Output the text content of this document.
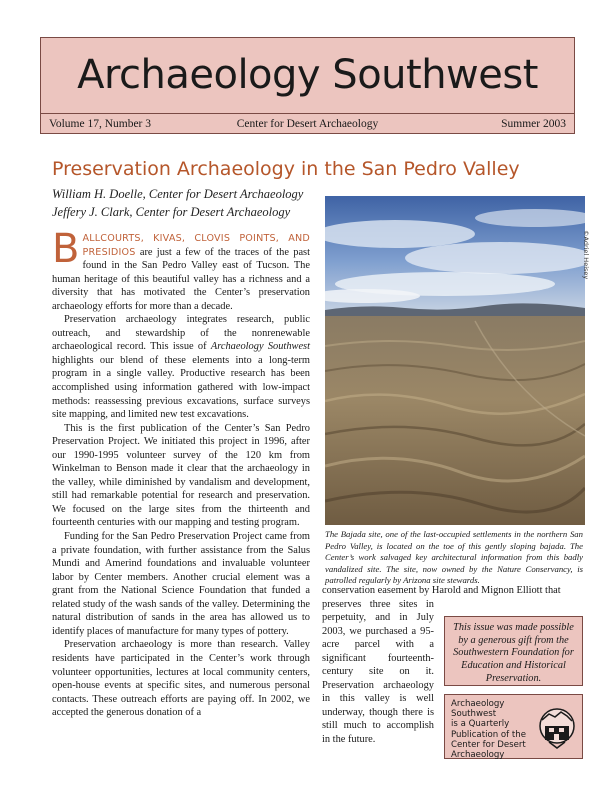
Archaeology Southwest
Volume 17, Number 3	Center for Desert Archaeology	Summer 2003
Preservation Archaeology in the San Pedro Valley
William H. Doelle, Center for Desert Archaeology
Jeffery J. Clark, Center for Desert Archaeology

BALLCOURTS, KIVAS, CLOVIS POINTS, AND PRESIDIOS are just a few of the traces of the past found in the San Pedro Valley east of Tucson. The human heritage of this beautiful valley has a richness and a diversity that has motivated the Center’s preservation archaeology efforts for more than a decade.

Preservation archaeology integrates research, public outreach, and stewardship of the nonrenewable archaeological record. This issue of Archaeology Southwest highlights our blend of these elements into a long-term program in a single valley. Productive research has been accomplished using information gathered with low-impact methods: reassessing previous excavations, surface surveys site mapping, and limited new test excavations.

This is the first publication of the Center’s San Pedro Preservation Project. We initiated this project in 1996, after our 1990-1995 volunteer survey of the 120 km from Winkelman to Benson made it clear that the archaeology in the valley, while diminished by vandalism and development, still had remarkable potential for research and preservation. We focused on the large sites from the thirteenth and fourteenth centuries with our mapping and testing program.

Funding for the San Pedro Preservation Project came from a private foundation, with further assistance from the Salus Mundi and Amerind foundations and invaluable volunteer labor by Center members. Another crucial element was a grant from the National Science Foundation that funded a related study of the wash sands of the valley. Determining the natural distribution of sands in the area has allowed us to identify places of manufacture for many types of pottery.

Preservation archaeology is more than research. Valley residents have participated in the Center’s work through volunteer opportunities, lectures at local community centers, open-house events at specific sites, and numerous personal contacts. These outreach efforts are paying off. In 2002, we accepted the generous donation of a

©Adriel Heisey
The Bajada site, one of the last-occupied settlements in the northern San Pedro Valley, is located on the toe of this gently sloping bajada. The Center’s work salvaged key architectural information from this badly vandalized site. The site, now owned by the Nature Conservancy, is patrolled regularly by Arizona site stewards.

conservation easement by Harold and Mignon Elliott that

preserves three sites in perpetuity, and in July 2003, we purchased a 95-acre parcel with a significant fourteenth-century site on it. Preservation archaeology in this valley is well underway, though there is still much to accomplish in the future.

This issue was made possible by a generous gift from the Southwestern Foundation for Education and Historical Preservation.
Archaeology Southwest
is a Quarterly
Publication of the
Center for Desert
Archaeology
